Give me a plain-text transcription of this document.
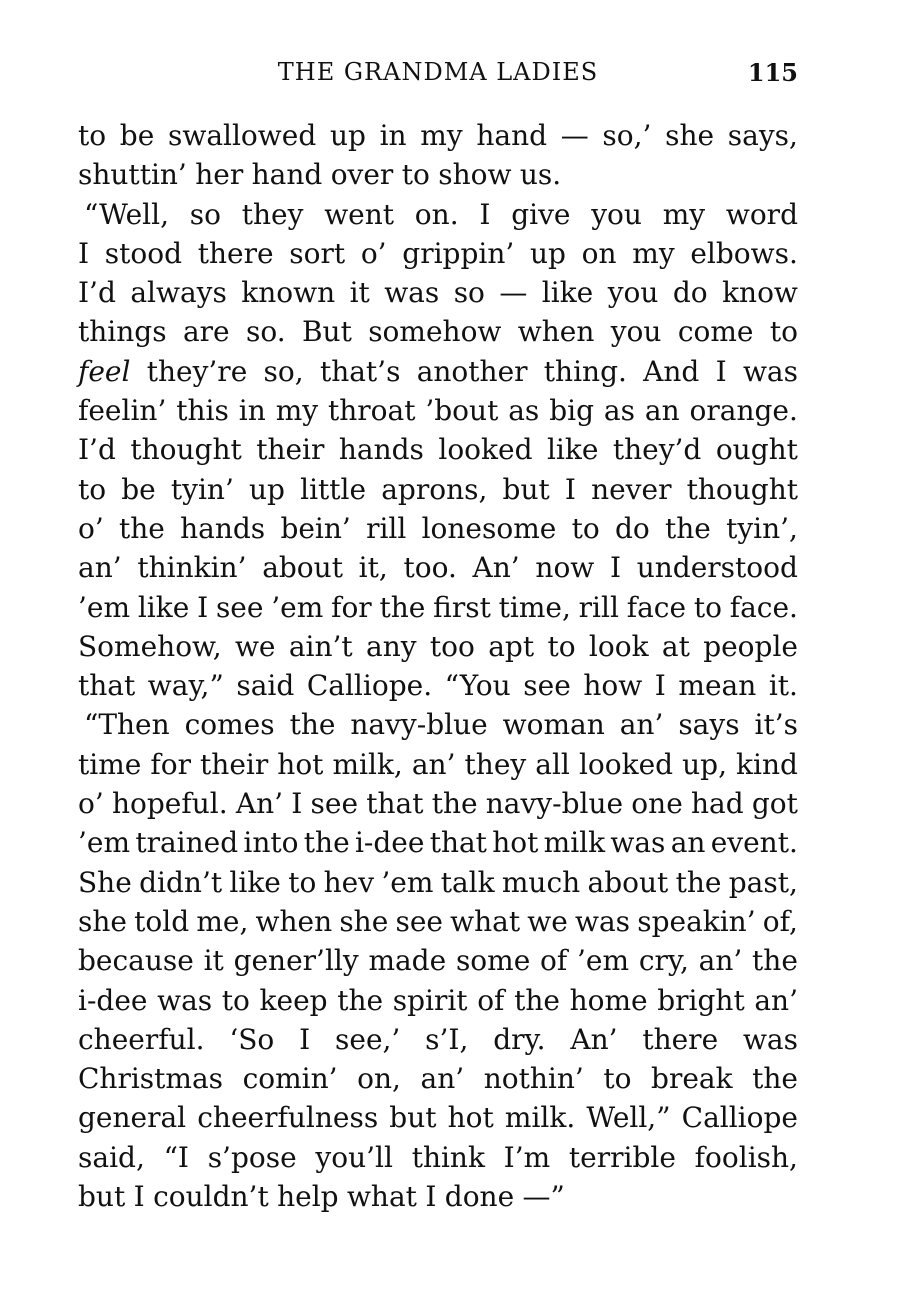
THE GRANDMA LADIES	115
to be swallowed up in my hand — so,’ she says,
shuttin’ her hand over to show us.
“Well, so they went on. I give you my word
I stood there sort o’ grippin’ up on my elbows.
I’d always known it was so — like you do know
things are so. But somehow when you come to
feel they’re so, that’s another thing. And I was
feelin’ this in my throat ’bout as big as an orange.
I’d thought their hands looked like they’d ought
to be tyin’ up little aprons, but I never thought
o’ the hands bein’ rill lonesome to do the tyin’,
an’ thinkin’ about it, too. An’ now I understood
’em like I see ’em for the first time, rill face to face.
Somehow, we ain’t any too apt to look at people
that way,” said Calliope. “You see how I mean it.
“Then comes the navy-blue woman an’ says it’s
time for their hot milk, an’ they all looked up, kind
o’ hopeful. An’ I see that the navy-blue one had got
’em trained into the i-dee that hot milk was an event.
She didn’t like to hev ’em talk much about the past,
she told me, when she see what we was speakin’ of,
because it gener’lly made some of ’em cry, an’ the
i-dee was to keep the spirit of the home bright an’
cheerful. ‘So I see,’ s’I, dry. An’ there was
Christmas comin’ on, an’ nothin’ to break the
general cheerfulness but hot milk. Well,” Calliope
said, “I s’pose you’ll think I’m terrible foolish,
but I couldn’t help what I done —”
